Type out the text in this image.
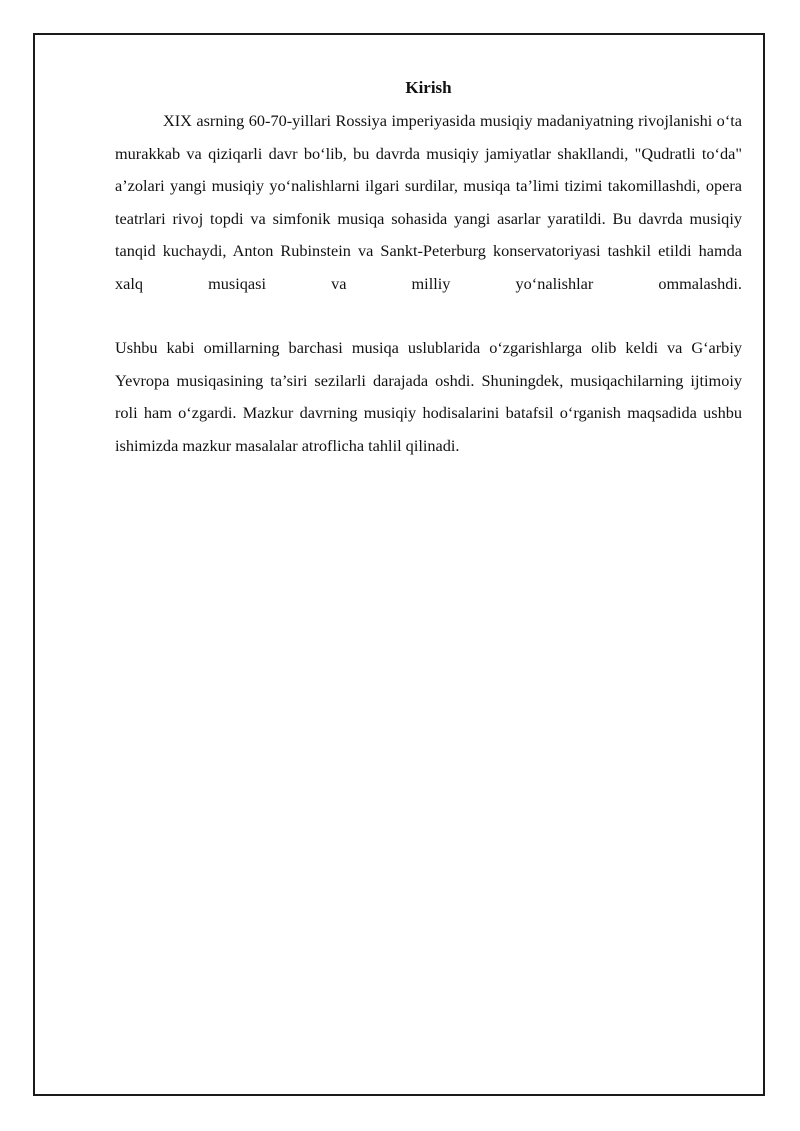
Kirish

XIX asrning 60-70-yillari Rossiya imperiyasida musiqiy madaniyatning rivojlanishi o‘ta murakkab va qiziqarli davr bo‘lib, bu davrda musiqiy jamiyatlar shakllandi, "Qudratli to‘da" a’zolari yangi musiqiy yo‘nalishlarni ilgari surdilar, musiqa ta’limi tizimi takomillashdi, opera teatrlari rivoj topdi va simfonik musiqa sohasida yangi asarlar yaratildi. Bu davrda musiqiy tanqid kuchaydi, Anton Rubinstein va Sankt-Peterburg konservatoriyasi tashkil etildi hamda xalq musiqasi va milliy yo‘nalishlar ommalashdi.

Ushbu kabi omillarning barchasi musiqa uslublarida o‘zgarishlarga olib keldi va G‘arbiy Yevropa musiqasining ta’siri sezilarli darajada oshdi. Shuningdek, musiqachilarning ijtimoiy roli ham o‘zgardi. Mazkur davrning musiqiy hodisalarini batafsil o‘rganish maqsadida ushbu ishimizda mazkur masalalar atroflicha tahlil qilinadi.
